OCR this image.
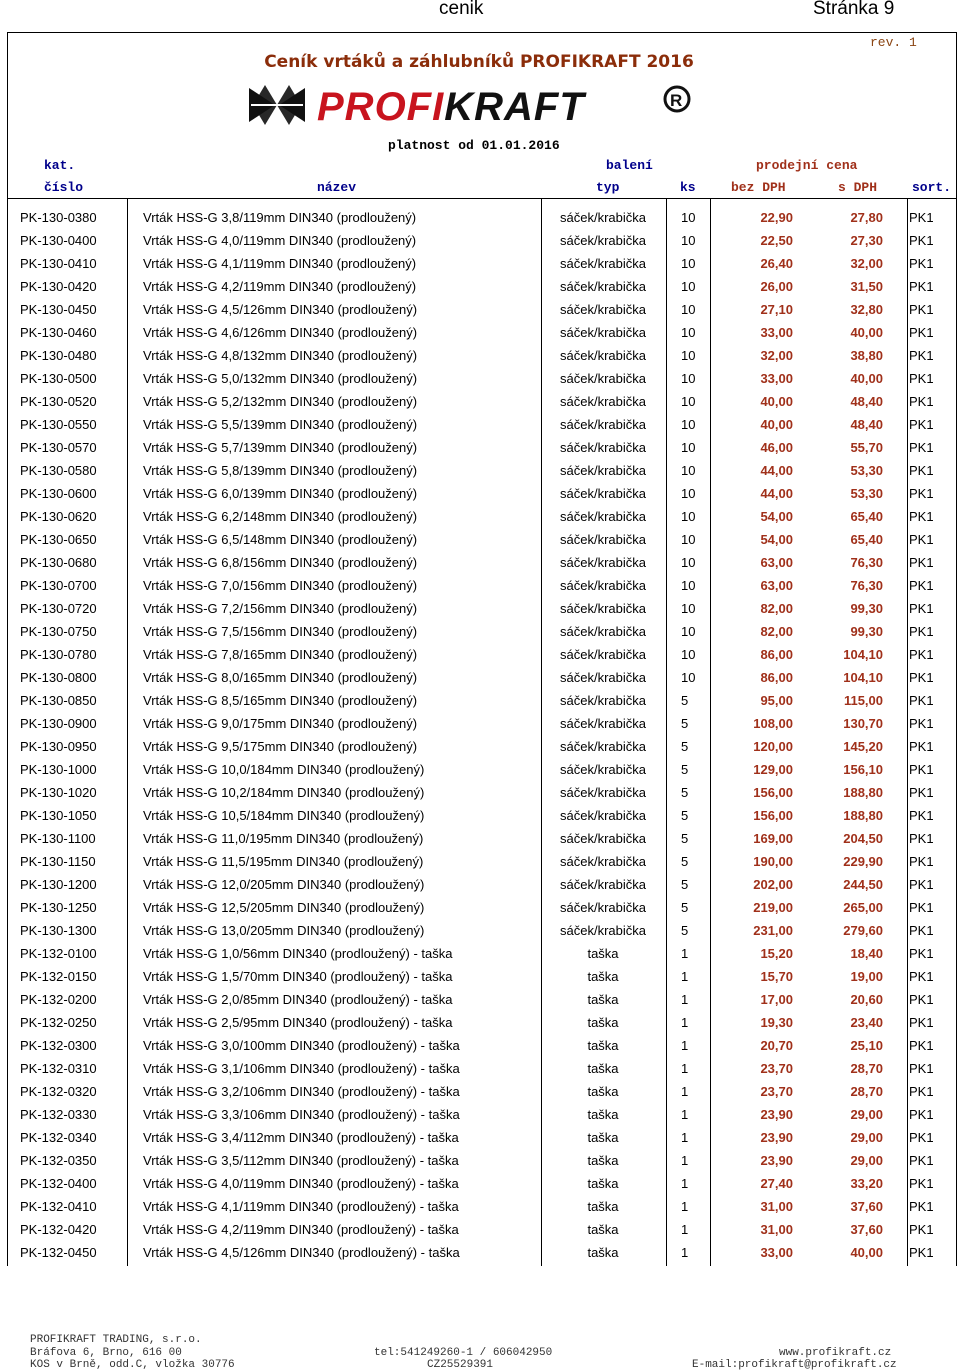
cenik	Stránka 9
rev. 1
Ceník vrtáků a záhlubníků PROFIKRAFT 2016
PROFIKRAFT	R
platnost od 01.01.2016
kat.
číslo	název
balení
typ	ks
prodejní cena
bez DPH	s DPH	sort.
PK-130-0380	Vrták HSS-G 3,8/119mm DIN340 (prodloužený)	sáček/krabička	10	22,90	27,80	PK1
PK-130-0400	Vrták HSS-G 4,0/119mm DIN340 (prodloužený)	sáček/krabička	10	22,50	27,30	PK1
PK-130-0410	Vrták HSS-G 4,1/119mm DIN340 (prodloužený)	sáček/krabička	10	26,40	32,00	PK1
PK-130-0420	Vrták HSS-G 4,2/119mm DIN340 (prodloužený)	sáček/krabička	10	26,00	31,50	PK1
PK-130-0450	Vrták HSS-G 4,5/126mm DIN340 (prodloužený)	sáček/krabička	10	27,10	32,80	PK1
PK-130-0460	Vrták HSS-G 4,6/126mm DIN340 (prodloužený)	sáček/krabička	10	33,00	40,00	PK1
PK-130-0480	Vrták HSS-G 4,8/132mm DIN340 (prodloužený)	sáček/krabička	10	32,00	38,80	PK1
PK-130-0500	Vrták HSS-G 5,0/132mm DIN340 (prodloužený)	sáček/krabička	10	33,00	40,00	PK1
PK-130-0520	Vrták HSS-G 5,2/132mm DIN340 (prodloužený)	sáček/krabička	10	40,00	48,40	PK1
PK-130-0550	Vrták HSS-G 5,5/139mm DIN340 (prodloužený)	sáček/krabička	10	40,00	48,40	PK1
PK-130-0570	Vrták HSS-G 5,7/139mm DIN340 (prodloužený)	sáček/krabička	10	46,00	55,70	PK1
PK-130-0580	Vrták HSS-G 5,8/139mm DIN340 (prodloužený)	sáček/krabička	10	44,00	53,30	PK1
PK-130-0600	Vrták HSS-G 6,0/139mm DIN340 (prodloužený)	sáček/krabička	10	44,00	53,30	PK1
PK-130-0620	Vrták HSS-G 6,2/148mm DIN340 (prodloužený)	sáček/krabička	10	54,00	65,40	PK1
PK-130-0650	Vrták HSS-G 6,5/148mm DIN340 (prodloužený)	sáček/krabička	10	54,00	65,40	PK1
PK-130-0680	Vrták HSS-G 6,8/156mm DIN340 (prodloužený)	sáček/krabička	10	63,00	76,30	PK1
PK-130-0700	Vrták HSS-G 7,0/156mm DIN340 (prodloužený)	sáček/krabička	10	63,00	76,30	PK1
PK-130-0720	Vrták HSS-G 7,2/156mm DIN340 (prodloužený)	sáček/krabička	10	82,00	99,30	PK1
PK-130-0750	Vrták HSS-G 7,5/156mm DIN340 (prodloužený)	sáček/krabička	10	82,00	99,30	PK1
PK-130-0780	Vrták HSS-G 7,8/165mm DIN340 (prodloužený)	sáček/krabička	10	86,00	104,10	PK1
PK-130-0800	Vrták HSS-G 8,0/165mm DIN340 (prodloužený)	sáček/krabička	10	86,00	104,10	PK1
PK-130-0850	Vrták HSS-G 8,5/165mm DIN340 (prodloužený)	sáček/krabička	5	95,00	115,00	PK1
PK-130-0900	Vrták HSS-G 9,0/175mm DIN340 (prodloužený)	sáček/krabička	5	108,00	130,70	PK1
PK-130-0950	Vrták HSS-G 9,5/175mm DIN340 (prodloužený)	sáček/krabička	5	120,00	145,20	PK1
PK-130-1000	Vrták HSS-G 10,0/184mm DIN340 (prodloužený)	sáček/krabička	5	129,00	156,10	PK1
PK-130-1020	Vrták HSS-G 10,2/184mm DIN340 (prodloužený)	sáček/krabička	5	156,00	188,80	PK1
PK-130-1050	Vrták HSS-G 10,5/184mm DIN340 (prodloužený)	sáček/krabička	5	156,00	188,80	PK1
PK-130-1100	Vrták HSS-G 11,0/195mm DIN340 (prodloužený)	sáček/krabička	5	169,00	204,50	PK1
PK-130-1150	Vrták HSS-G 11,5/195mm DIN340 (prodloužený)	sáček/krabička	5	190,00	229,90	PK1
PK-130-1200	Vrták HSS-G 12,0/205mm DIN340 (prodloužený)	sáček/krabička	5	202,00	244,50	PK1
PK-130-1250	Vrták HSS-G 12,5/205mm DIN340 (prodloužený)	sáček/krabička	5	219,00	265,00	PK1
PK-130-1300	Vrták HSS-G 13,0/205mm DIN340 (prodloužený)	sáček/krabička	5	231,00	279,60	PK1
PK-132-0100	Vrták HSS-G 1,0/56mm DIN340 (prodloužený) - taška	taška	1	15,20	18,40	PK1
PK-132-0150	Vrták HSS-G 1,5/70mm DIN340 (prodloužený) - taška	taška	1	15,70	19,00	PK1
PK-132-0200	Vrták HSS-G 2,0/85mm DIN340 (prodloužený) - taška	taška	1	17,00	20,60	PK1
PK-132-0250	Vrták HSS-G 2,5/95mm DIN340 (prodloužený) - taška	taška	1	19,30	23,40	PK1
PK-132-0300	Vrták HSS-G 3,0/100mm DIN340 (prodloužený) - taška	taška	1	20,70	25,10	PK1
PK-132-0310	Vrták HSS-G 3,1/106mm DIN340 (prodloužený) - taška	taška	1	23,70	28,70	PK1
PK-132-0320	Vrták HSS-G 3,2/106mm DIN340 (prodloužený) - taška	taška	1	23,70	28,70	PK1
PK-132-0330	Vrták HSS-G 3,3/106mm DIN340 (prodloužený) - taška	taška	1	23,90	29,00	PK1
PK-132-0340	Vrták HSS-G 3,4/112mm DIN340 (prodloužený) - taška	taška	1	23,90	29,00	PK1
PK-132-0350	Vrták HSS-G 3,5/112mm DIN340 (prodloužený) - taška	taška	1	23,90	29,00	PK1
PK-132-0400	Vrták HSS-G 4,0/119mm DIN340 (prodloužený) - taška	taška	1	27,40	33,20	PK1
PK-132-0410	Vrták HSS-G 4,1/119mm DIN340 (prodloužený) - taška	taška	1	31,00	37,60	PK1
PK-132-0420	Vrták HSS-G 4,2/119mm DIN340 (prodloužený) - taška	taška	1	31,00	37,60	PK1
PK-132-0450	Vrták HSS-G 4,5/126mm DIN340 (prodloužený) - taška	taška	1	33,00	40,00	PK1
PROFIKRAFT TRADING, s.r.o.
Bráfova 6, Brno, 616 00
KOS v Brně, odd.C, vložka 30776
tel:541249260-1 / 606042950
CZ25529391
www.profikraft.cz
E-mail:profikraft@profikraft.cz
